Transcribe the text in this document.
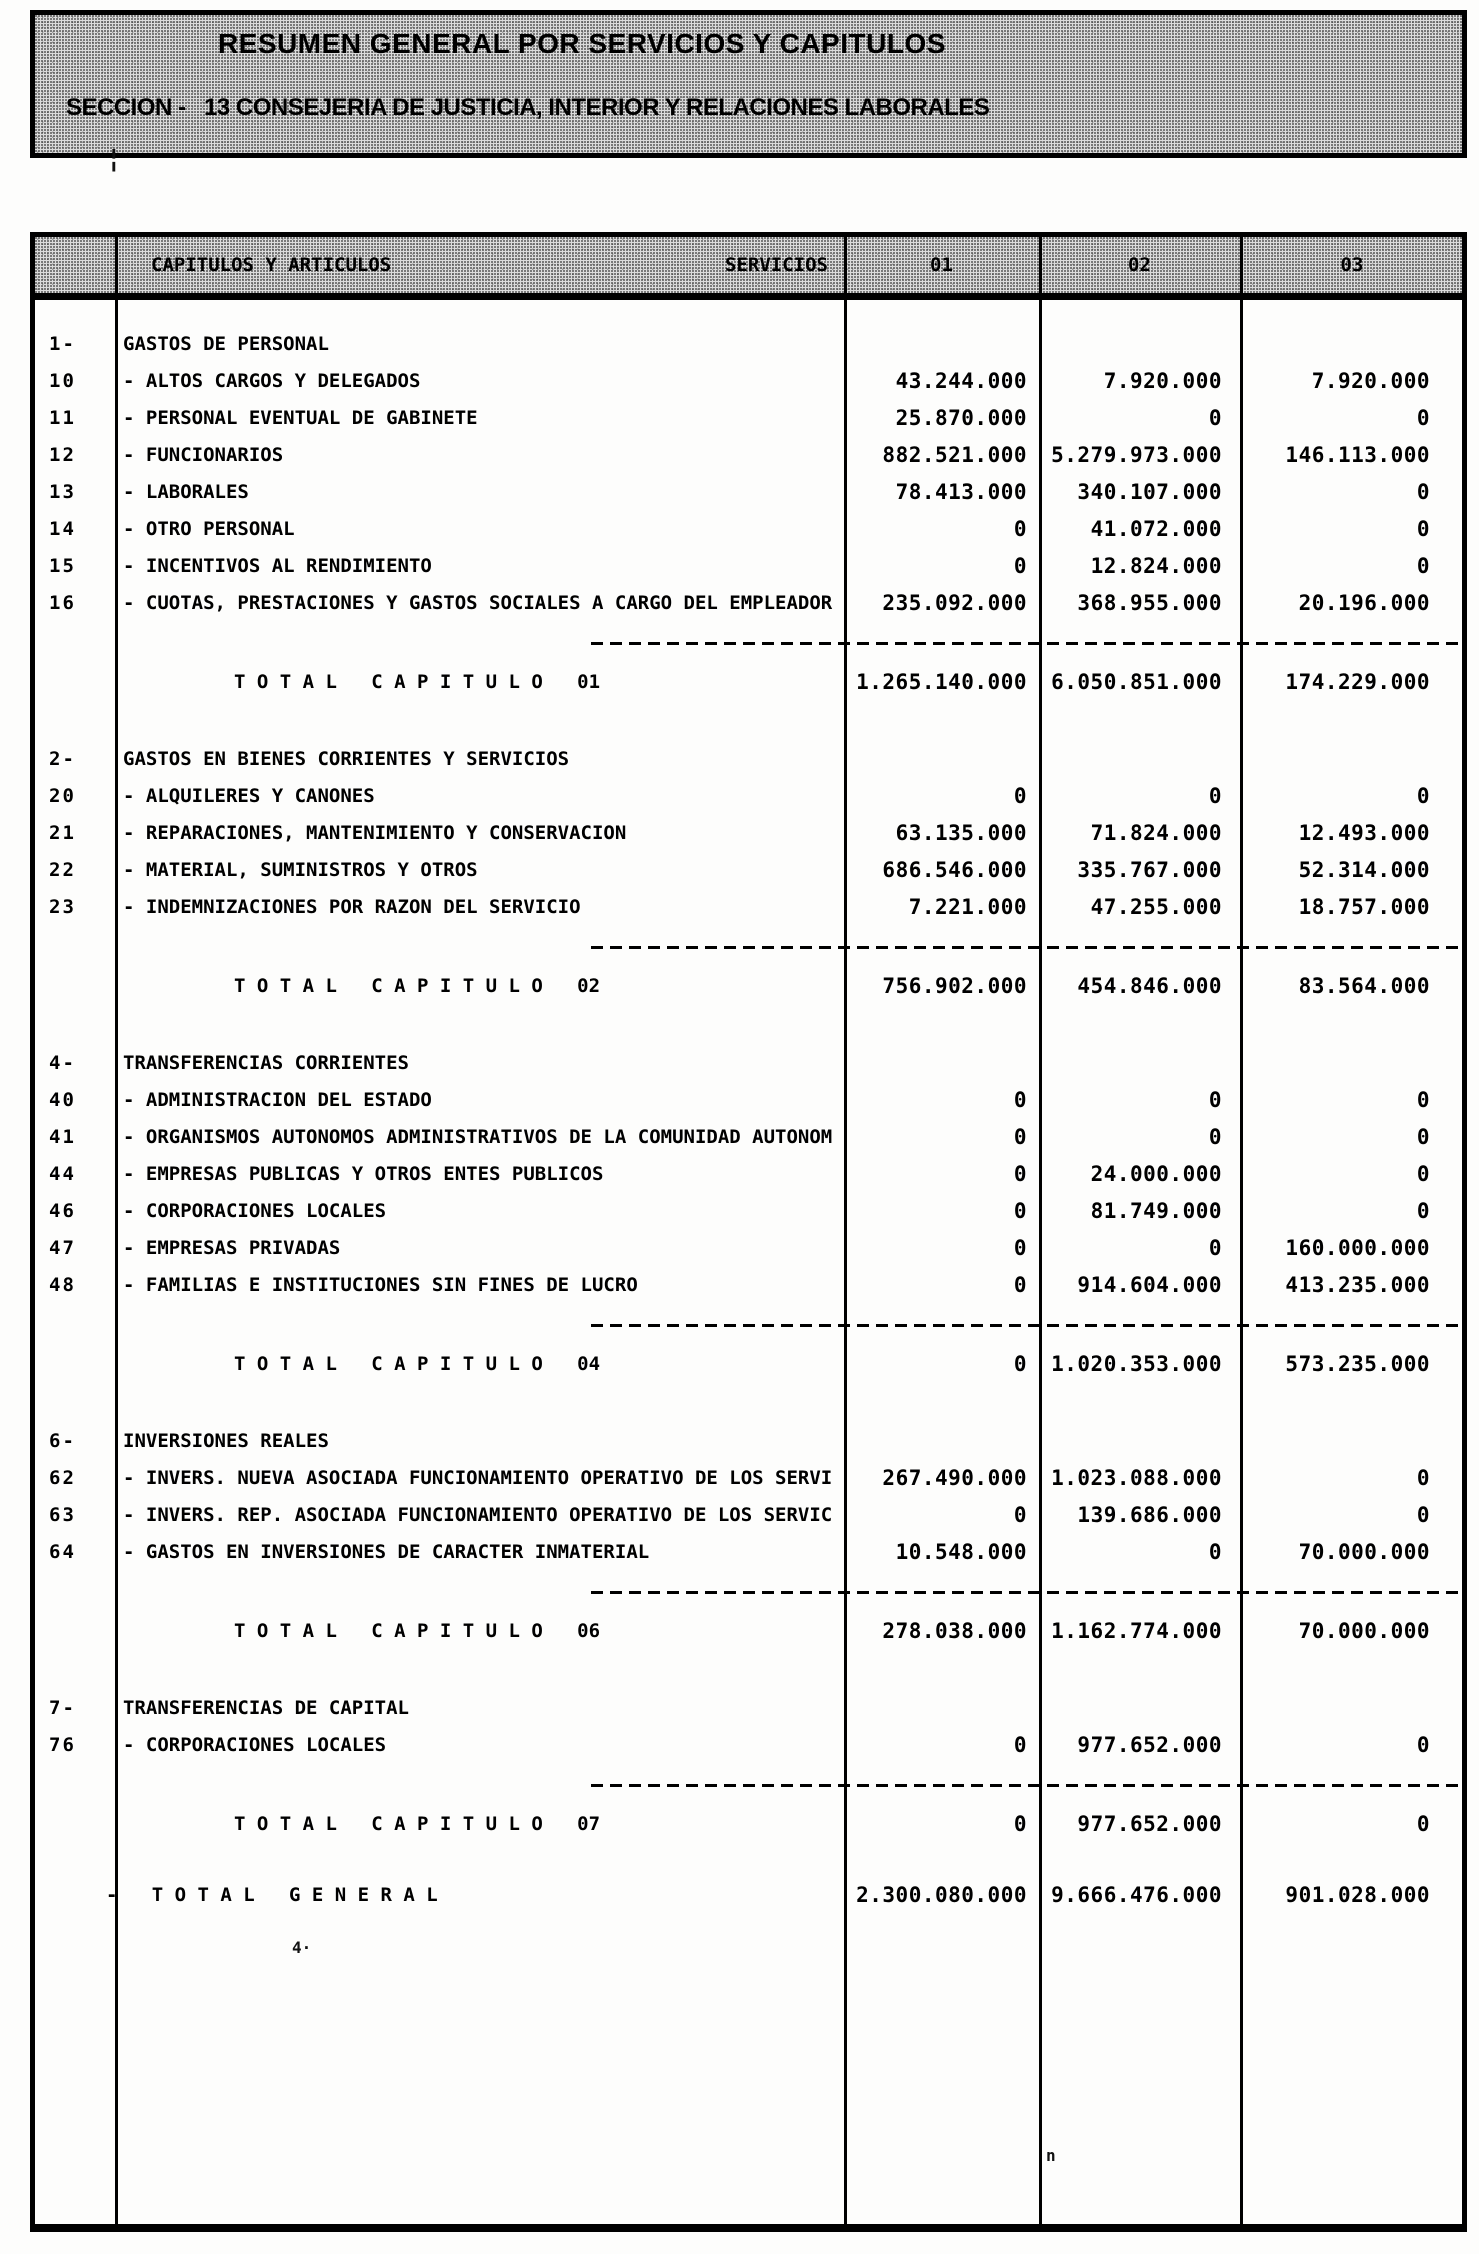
RESUMEN GENERAL POR SERVICIOS Y CAPITULOS
SECCION -   13 CONSEJERIA DE JUSTICIA, INTERIOR Y RELACIONES LABORALES
¦
4·
n
CAPITULOS Y ARTICULOS	SERVICIOS	01	02	03
1- GASTOS DE PERSONAL
10 - ALTOS CARGOS Y DELEGADOS	43.244.000	7.920.000	7.920.000
11 - PERSONAL EVENTUAL DE GABINETE	25.870.000	0	0
12 - FUNCIONARIOS	882.521.000 5.279.973.000	146.113.000
13 - LABORALES	78.413.000 340.107.000	0
14 - OTRO PERSONAL	0	41.072.000	0
15 - INCENTIVOS AL RENDIMIENTO	0	12.824.000	0
16 - CUOTAS, PRESTACIONES Y GASTOS SOCIALES A CARGO DEL EMPLEADOR 235.092.000 368.955.000	20.196.000
T O T A L   C A P I T U L O   01	1.265.140.000 6.050.851.000	174.229.000
2- GASTOS EN BIENES CORRIENTES Y SERVICIOS
20 - ALQUILERES Y CANONES	0	0	0
21 - REPARACIONES, MANTENIMIENTO Y CONSERVACION	63.135.000	71.824.000	12.493.000
22 - MATERIAL, SUMINISTROS Y OTROS	686.546.000 335.767.000	52.314.000
23 - INDEMNIZACIONES POR RAZON DEL SERVICIO	7.221.000	47.255.000	18.757.000
T O T A L   C A P I T U L O   02	756.902.000 454.846.000	83.564.000
4- TRANSFERENCIAS CORRIENTES
40 - ADMINISTRACION DEL ESTADO	0	0	0
41 - ORGANISMOS AUTONOMOS ADMINISTRATIVOS DE LA COMUNIDAD AUTONOM	0	0	0
44 - EMPRESAS PUBLICAS Y OTROS ENTES PUBLICOS	0	24.000.000	0
46 - CORPORACIONES LOCALES	0	81.749.000	0
47 - EMPRESAS PRIVADAS	0	0	160.000.000
48 - FAMILIAS E INSTITUCIONES SIN FINES DE LUCRO	0 914.604.000	413.235.000
T O T A L   C A P I T U L O   04	0 1.020.353.000	573.235.000
6- INVERSIONES REALES
62 - INVERS. NUEVA ASOCIADA FUNCIONAMIENTO OPERATIVO DE LOS SERVI 267.490.000 1.023.088.000	0
63 - INVERS. REP. ASOCIADA FUNCIONAMIENTO OPERATIVO DE LOS SERVIC	0 139.686.000	0
64 - GASTOS EN INVERSIONES DE CARACTER INMATERIAL	10.548.000	0	70.000.000
T O T A L   C A P I T U L O   06	278.038.000 1.162.774.000	70.000.000
7- TRANSFERENCIAS DE CAPITAL
76 - CORPORACIONES LOCALES	0 977.652.000	0
T O T A L   C A P I T U L O   07	0 977.652.000	0
-   T O T A L   G E N E R A L	2.300.080.000 9.666.476.000	901.028.000
